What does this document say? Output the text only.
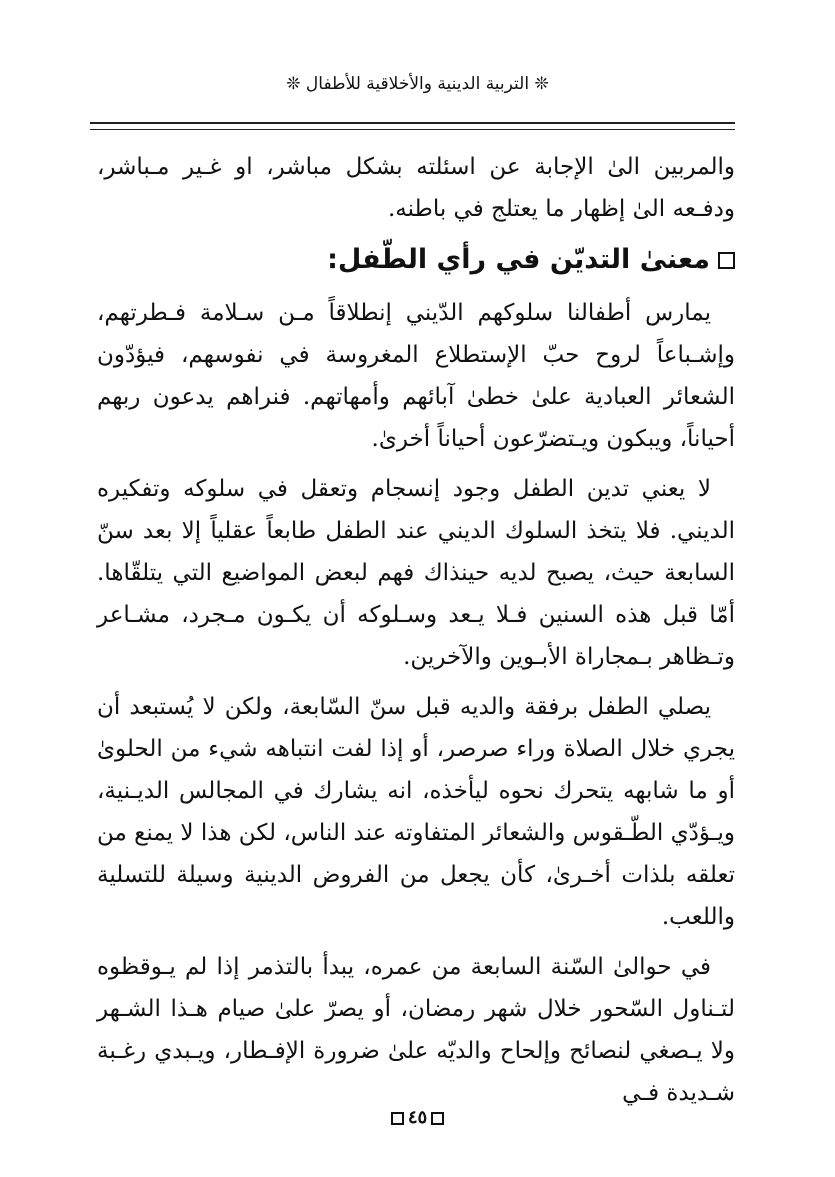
❊ التربية الدينية والأخلاقية للأطفال ❊

والمربين الىٰ الإجابة عن اسئلته بشكل مباشر، او غـير مـباشر، ودفـعه الىٰ إظهار ما يعتلج في باطنه.

معنىٰ التديّن في رأي الطّفل:

يمارس أطفالنا سلوكهم الدّيني إنطلاقاً مـن سـلامة فـطرتهم، وإشـباعاً لروح حبّ الإستطلاع المغروسة في نفوسهم، فيؤدّون الشعائر العبادية علىٰ خطىٰ آبائهم وأمهاتهم. فنراهم يدعون ربهم أحياناً، ويبكون ويـتضرّعون أحياناً أخرىٰ.

لا يعني تدين الطفل وجود إنسجام وتعقل في سلوكه وتفكيره الديني. فلا يتخذ السلوك الديني عند الطفل طابعاً عقلياً إلا بعد سنّ السابعة حيث، يصبح لديه حينذاك فهم لبعض المواضيع التي يتلقّاها. أمّا قبل هذه السنين فـلا يـعد وسـلوكه أن يكـون مـجرد، مشـاعر وتـظاهر بـمجاراة الأبـوين والآخرين.

يصلي الطفل برفقة والديه قبل سنّ السّابعة، ولكن لا يُستبعد أن يجري خلال الصلاة وراء صرصر، أو إذا لفت انتباهه شيء من الحلوىٰ أو ما شابهه يتحرك نحوه ليأخذه، انه يشارك في المجالس الديـنية، ويـؤدّي الطّـقوس والشعائر المتفاوته عند الناس، لكن هذا لا يمنع من تعلقه بلذات أخـرىٰ، كأن يجعل من الفروض الدينية وسيلة للتسلية واللعب.

في حوالىٰ السّنة السابعة من عمره، يبدأ بالتذمر إذا لم يـوقظوه لتـناول السّحور خلال شهر رمضان، أو يصرّ علىٰ صيام هـذا الشـهر ولا يـصغي لنصائح وإلحاح والديّه علىٰ ضرورة الإفـطار، ويـبدي رغـبة شـديدة فـي

٤٥
